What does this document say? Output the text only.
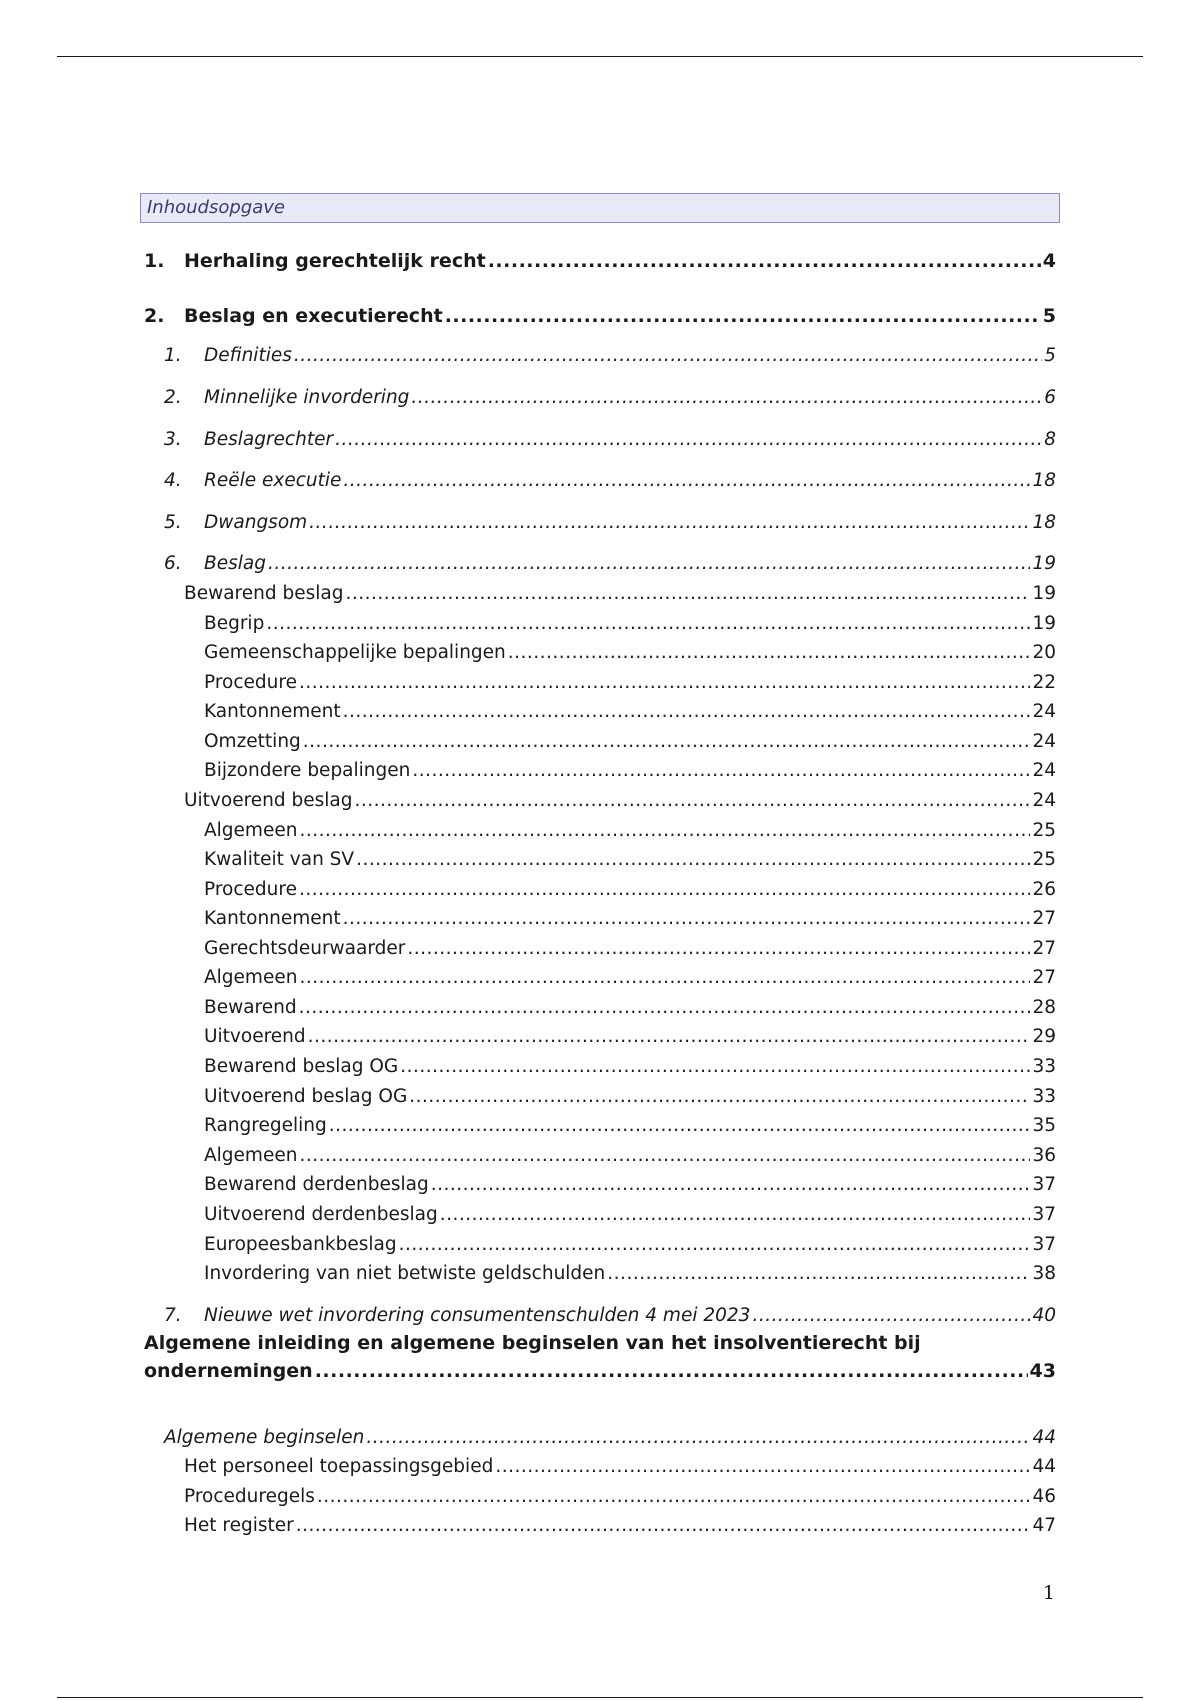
Inhoudsopgave
1.	Herhaling gerechtelijk recht .....	4
2.	Beslag en executierecht .....	5
1.	Definities .....	5
2.	Minnelijke invordering .....	6
3.	Beslagrechter .....	8
4.	Reële executie .....	18
5.	Dwangsom .....	18
6.	Beslag .....	19
Bewarend beslag .....	19
Begrip .....	19
Gemeenschappelijke bepalingen .....	20
Procedure .....	22
Kantonnement .....	24
Omzetting .....	24
Bijzondere bepalingen .....	24
Uitvoerend beslag .....	24
Algemeen .....	25
Kwaliteit van SV .....	25
Procedure .....	26
Kantonnement .....	27
Gerechtsdeurwaarder .....	27
Algemeen .....	27
Bewarend .....	28
Uitvoerend .....	29
Bewarend beslag OG .....	33
Uitvoerend beslag OG .....	33
Rangregeling .....	35
Algemeen .....	36
Bewarend derdenbeslag .....	37
Uitvoerend derdenbeslag .....	37
Europeesbankbeslag .....	37
Invordering van niet betwiste geldschulden .....	38
7.	Nieuwe wet invordering consumentenschulden 4 mei 2023 .....	40
Algemene inleiding en algemene beginselen van het insolventierecht bij
ondernemingen .....	43
Algemene beginselen .....	44
Het personeel toepassingsgebied .....	44
Proceduregels .....	46
Het register .....	47
1
